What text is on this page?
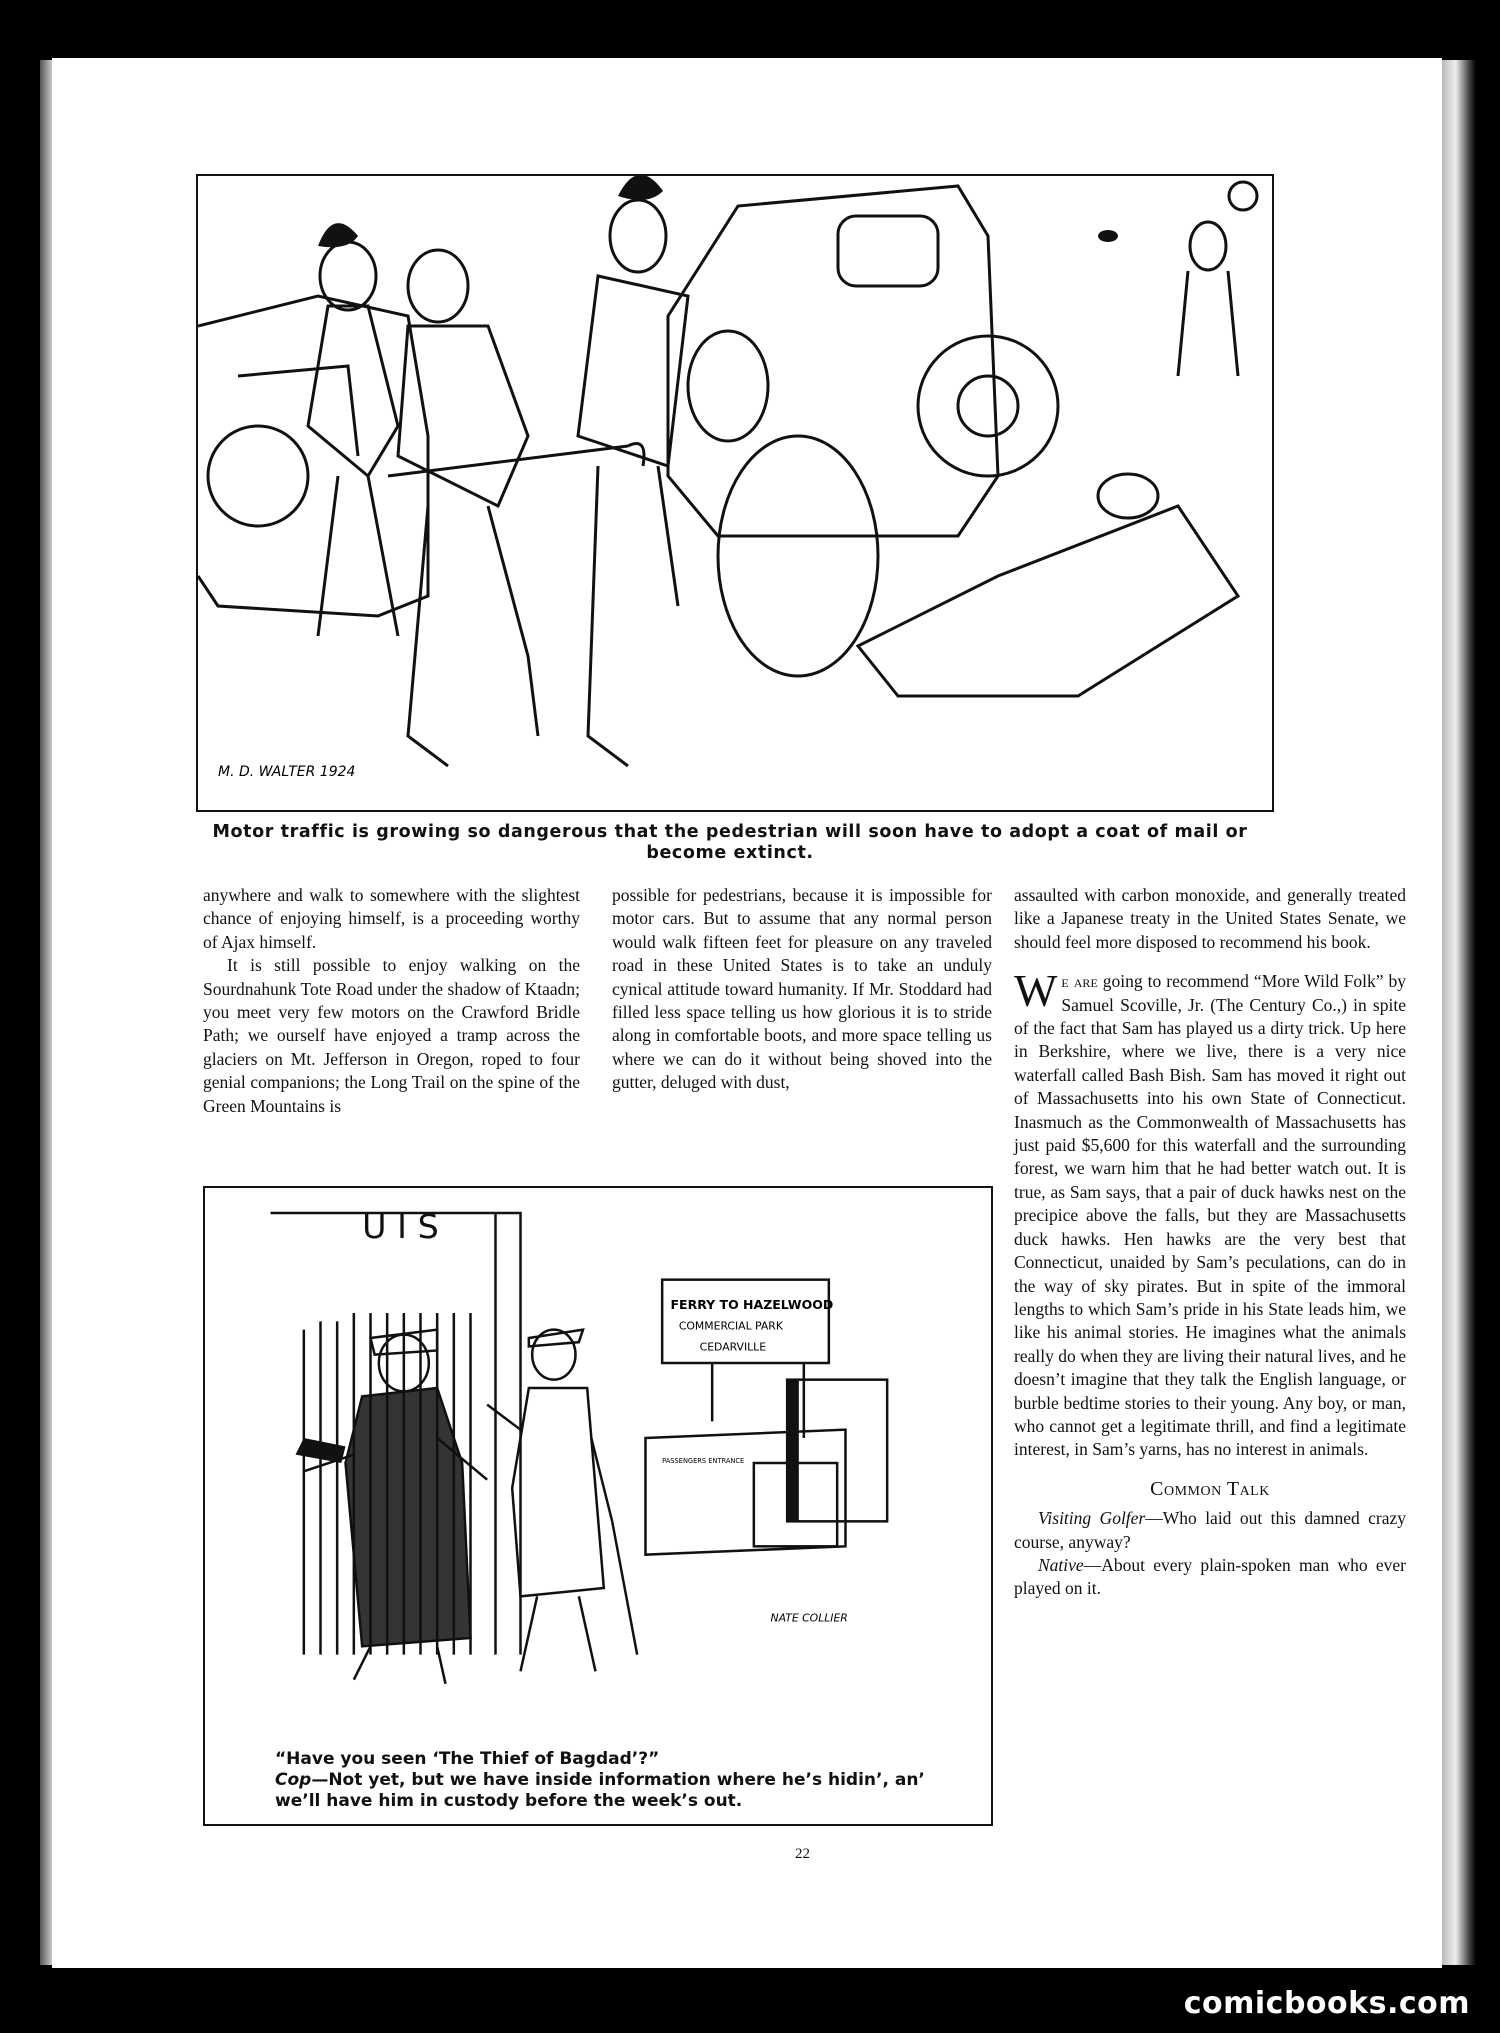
M. D. WALTER 1924
Motor traffic is growing so dangerous that the pedestrian will soon have to adopt a coat of mail or become extinct.

anywhere and walk to somewhere with the slightest chance of enjoying himself, is a proceeding worthy of Ajax himself.

It is still possible to enjoy walking on the Sourdnahunk Tote Road under the shadow of Ktaadn; you meet very few motors on the Crawford Bridle Path; we ourself have enjoyed a tramp across the glaciers on Mt. Jefferson in Oregon, roped to four genial companions; the Long Trail on the spine of the Green Mountains is

possible for pedestrians, because it is impossible for motor cars. But to assume that any normal person would walk fifteen feet for pleasure on any traveled road in these United States is to take an unduly cynical attitude toward humanity. If Mr. Stoddard had filled less space telling us how glorious it is to stride along in comfortable boots, and more space telling us where we can do it without being shoved into the gutter, deluged with dust,

assaulted with carbon monoxide, and generally treated like a Japanese treaty in the United States Senate, we should feel more disposed to recommend his book.

We are going to recommend “More Wild Folk” by Samuel Scoville, Jr. (The Century Co.,) in spite of the fact that Sam has played us a dirty trick. Up here in Berkshire, where we live, there is a very nice waterfall called Bash Bish. Sam has moved it right out of Massachusetts into his own State of Connecticut. Inasmuch as the Commonwealth of Massachusetts has just paid $5,600 for this waterfall and the surrounding forest, we warn him that he had better watch out. It is true, as Sam says, that a pair of duck hawks nest on the precipice above the falls, but they are Massachusetts duck hawks. Hen hawks are the very best that Connecticut, unaided by Sam’s peculations, can do in the way of sky pirates. But in spite of the immoral lengths to which Sam’s pride in his State leads him, we like his animal stories. He imagines what the animals really do when they are living their natural lives, and he doesn’t imagine that they talk the English language, or burble bedtime stories to their young. Any boy, or man, who cannot get a legitimate thrill, and find a legitimate interest, in Sam’s yarns, has no interest in animals.

Common Talk

Visiting Golfer—Who laid out this damned crazy course, anyway?

Native—About every plain-spoken man who ever played on it.

U I S
FERRY TO HAZELWOOD
COMMERCIAL PARK
CEDARVILLE
PASSENGERS ENTRANCE
NATE COLLIER
“Have you seen ‘The Thief of Bagdad’?”
Cop—Not yet, but we have inside information where he’s hidin’, an’ we’ll have him in custody before the week’s out.
22
comicbooks.com
